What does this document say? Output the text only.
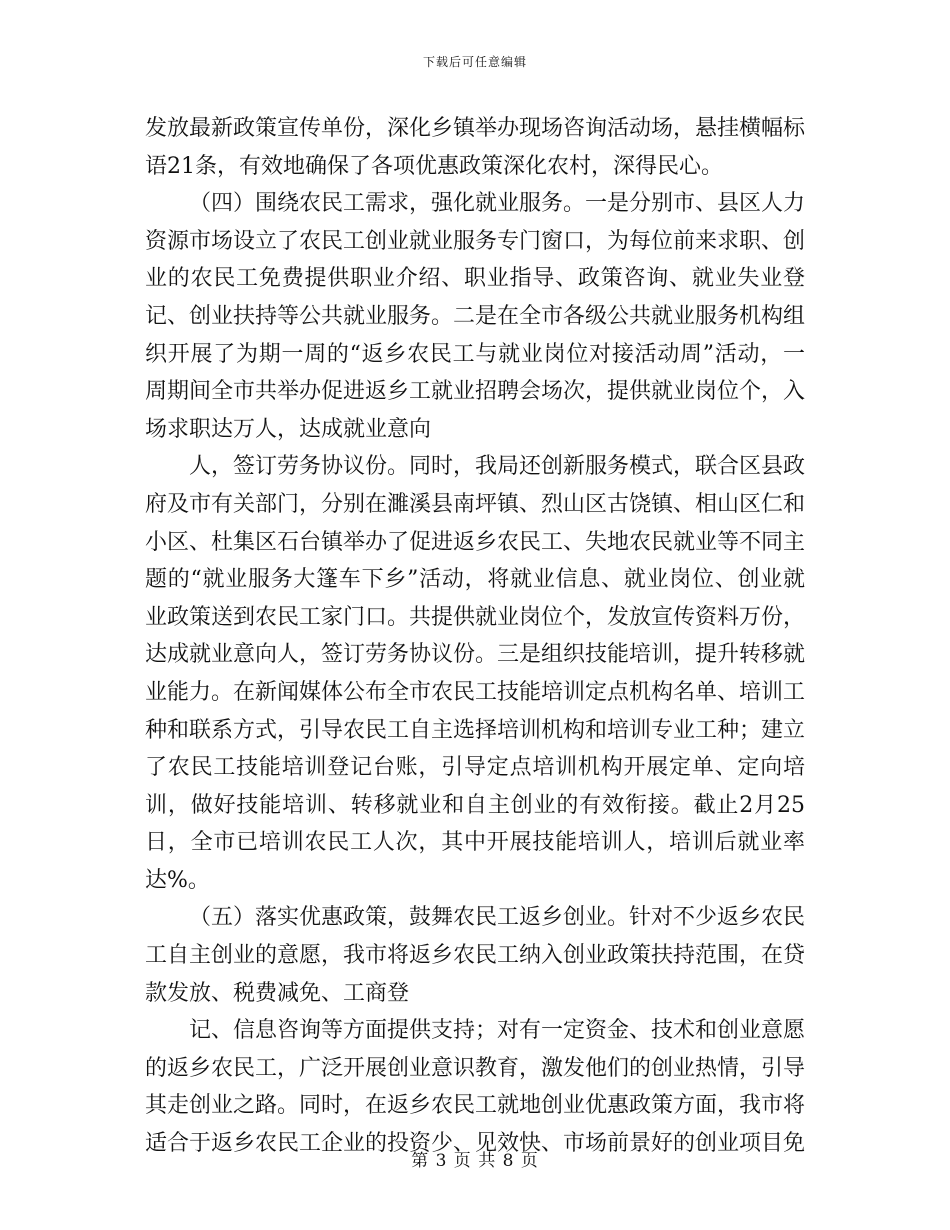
下载后可任意编辑

发放最新政策宣传单份，深化乡镇举办现场咨询活动场，悬挂横幅标语21条，有效地确保了各项优惠政策深化农村，深得民心。

（四）围绕农民工需求，强化就业服务。一是分别市、县区人力资源市场设立了农民工创业就业服务专门窗口，为每位前来求职、创业的农民工免费提供职业介绍、职业指导、政策咨询、就业失业登记、创业扶持等公共就业服务。二是在全市各级公共就业服务机构组织开展了为期一周的“返乡农民工与就业岗位对接活动周”活动，一周期间全市共举办促进返乡工就业招聘会场次，提供就业岗位个，入场求职达万人，达成就业意向

人，签订劳务协议份。同时，我局还创新服务模式，联合区县政府及市有关部门，分别在濉溪县南坪镇、烈山区古饶镇、相山区仁和小区、杜集区石台镇举办了促进返乡农民工、失地农民就业等不同主题的“就业服务大篷车下乡”活动，将就业信息、就业岗位、创业就业政策送到农民工家门口。共提供就业岗位个，发放宣传资料万份，达成就业意向人，签订劳务协议份。三是组织技能培训，提升转移就业能力。在新闻媒体公布全市农民工技能培训定点机构名单、培训工种和联系方式，引导农民工自主选择培训机构和培训专业工种；建立了农民工技能培训登记台账，引导定点培训机构开展定单、定向培训，做好技能培训、转移就业和自主创业的有效衔接。截止2月25日，全市已培训农民工人次，其中开展技能培训人，培训后就业率达%。

（五）落实优惠政策，鼓舞农民工返乡创业。针对不少返乡农民工自主创业的意愿，我市将返乡农民工纳入创业政策扶持范围，在贷款发放、税费减免、工商登

记、信息咨询等方面提供支持；对有一定资金、技术和创业意愿的返乡农民工，广泛开展创业意识教育，激发他们的创业热情，引导其走创业之路。同时，在返乡农民工就地创业优惠政策方面，我市将适合于返乡农民工企业的投资少、见效快、市场前景好的创业项目免

第 3 页 共 8 页
